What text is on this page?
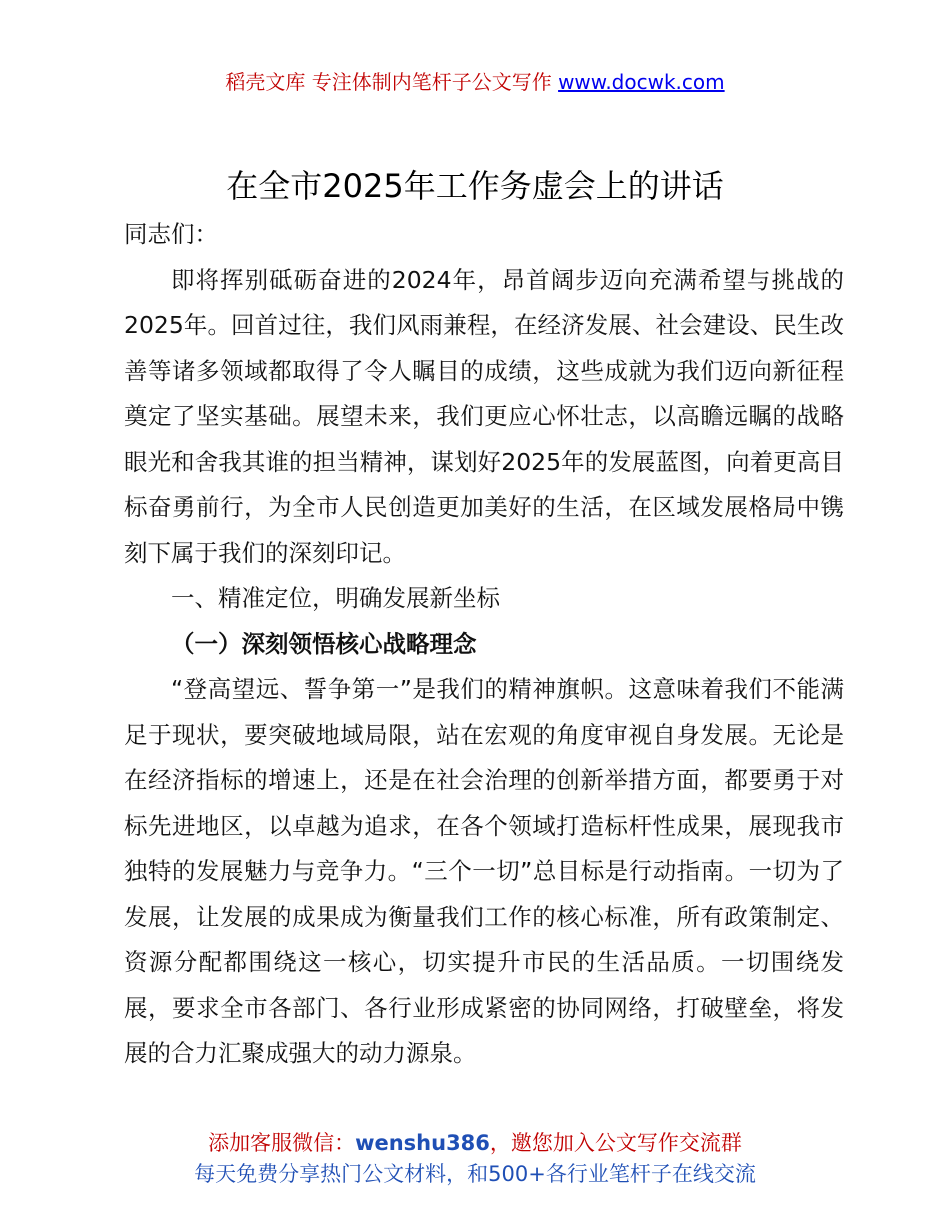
稻壳文库 专注体制内笔杆子公文写作 www.docwk.com
在全市2025年工作务虚会上的讲话

同志们：

即将挥别砥砺奋进的2024年，昂首阔步迈向充满希望与挑战的2025年。回首过往，我们风雨兼程，在经济发展、社会建设、民生改善等诸多领域都取得了令人瞩目的成绩，这些成就为我们迈向新征程奠定了坚实基础。展望未来，我们更应心怀壮志，以高瞻远瞩的战略眼光和舍我其谁的担当精神，谋划好2025年的发展蓝图，向着更高目标奋勇前行，为全市人民创造更加美好的生活，在区域发展格局中镌刻下属于我们的深刻印记。

一、精准定位，明确发展新坐标

（一）深刻领悟核心战略理念

“登高望远、誓争第一”是我们的精神旗帜。这意味着我们不能满足于现状，要突破地域局限，站在宏观的角度审视自身发展。无论是在经济指标的增速上，还是在社会治理的创新举措方面，都要勇于对标先进地区，以卓越为追求，在各个领域打造标杆性成果，展现我市独特的发展魅力与竞争力。“三个一切”总目标是行动指南。一切为了发展，让发展的成果成为衡量我们工作的核心标准，所有政策制定、资源分配都围绕这一核心，切实提升市民的生活品质。一切围绕发展，要求全市各部门、各行业形成紧密的协同网络，打破壁垒，将发展的合力汇聚成强大的动力源泉。

添加客服微信：wenshu386，邀您加入公文写作交流群
每天免费分享热门公文材料，和500+各行业笔杆子在线交流
